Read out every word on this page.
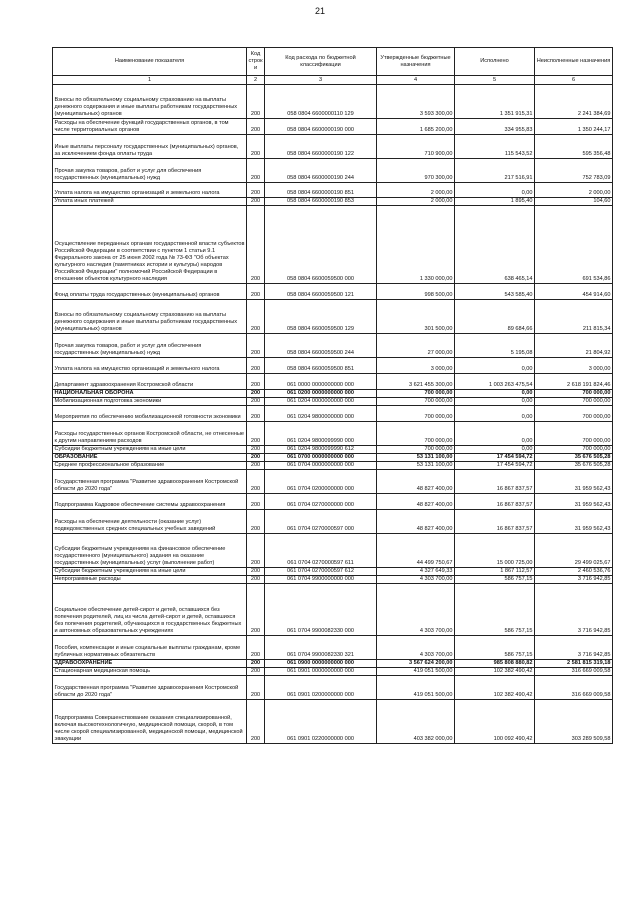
21
Наименование показателя	Код строк и	Код расхода по бюджетной классификации	Утвержденные бюджетные назначения	Исполнено	Неисполненные назначения
1	2	3	4	5	6
Взносы по обязательному социальному страхованию на выплаты денежного содержания и иные выплаты работникам государственных (муниципальных) органов	200	058 0804 6600000110 129	3 593 300,00	1 351 915,31	2 241 384,69
Расходы на обеспечение функций государственных органов, в том числе территориальных органов	200	058 0804 6600000190 000	1 685 200,00	334 955,83	1 350 244,17
Иные выплаты персоналу государственных (муниципальных) органов, за исключением фонда оплаты труда	200	058 0804 6600000190 122	710 900,00	115 543,52	595 356,48
Прочая закупка товаров, работ и услуг для обеспечения государственных (муниципальных) нужд	200	058 0804 6600000190 244	970 300,00	217 516,91	752 783,09
Уплата налога на имущество организаций и земельного налога	200	058 0804 6600000190 851	2 000,00	0,00	2 000,00
Уплата иных платежей	200	058 0804 6600000190 853	2 000,00	1 895,40	104,60
Осуществление переданных органам государственной власти субъектов Российской Федерации в соответствии с пунктом 1 статьи 9.1 Федерального закона от 25 июня 2002 года № 73-ФЗ "Об объектах культурного наследия (памятниках истории и культуры) народов Российской Федерации" полномочий Российской Федерации в отношении объектов культурного наследия	200	058 0804 6600059500 000	1 330 000,00	638 465,14	691 534,86
Фонд оплаты труда государственных (муниципальных) органов	200	058 0804 6600059500 121	998 500,00	543 585,40	454 914,60
Взносы по обязательному социальному страхованию на выплаты денежного содержания и иные выплаты работникам государственных (муниципальных) органов	200	058 0804 6600059500 129	301 500,00	89 684,66	211 815,34
Прочая закупка товаров, работ и услуг для обеспечения государственных (муниципальных) нужд	200	058 0804 6600059500 244	27 000,00	5 195,08	21 804,92
Уплата налога на имущество организаций и земельного налога	200	058 0804 6600059500 851	3 000,00	0,00	3 000,00
Департамент здравоохранения Костромской области	200	061 0000 0000000000 000	3 621 455 300,00	1 003 263 475,54	2 618 191 824,46
НАЦИОНАЛЬНАЯ ОБОРОНА	200	061 0200 0000000000 000	700 000,00	0,00	700 000,00
Мобилизационная подготовка экономики	200	061 0204 0000000000 000	700 000,00	0,00	700 000,00
Мероприятия по обеспечению мобилизационной готовности экономики	200	061 0204 9800000000 000	700 000,00	0,00	700 000,00
Расходы государственных органов Костромской области, не отнесенные к другим направлениям расходов	200	061 0204 9800099990 000	700 000,00	0,00	700 000,00
Субсидии бюджетным учреждениям на иные цели	200	061 0204 9800099990 612	700 000,00	0,00	700 000,00
ОБРАЗОВАНИЕ	200	061 0700 0000000000 000	53 131 100,00	17 454 594,72	35 676 505,28
Среднее профессиональное образование	200	061 0704 0000000000 000	53 131 100,00	17 454 594,72	35 676 505,28
Государственная программа "Развитие здравоохранения Костромской области до 2020 года"	200	061 0704 0200000000 000	48 827 400,00	16 867 837,57	31 959 562,43
Подпрограмма Кадровое обеспечение системы здравоохранения	200	061 0704 0270000000 000	48 827 400,00	16 867 837,57	31 959 562,43
Расходы на обеспечение деятельности (оказание услуг) подведомственных средних специальных учебных заведений	200	061 0704 0270000597 000	48 827 400,00	16 867 837,57	31 959 562,43
Субсидии бюджетным учреждениям на финансовое обеспечение государственного (муниципального) задания на оказание государственных (муниципальных) услуг (выполнение работ)	200	061 0704 0270000597 611	44 499 750,67	15 000 725,00	29 499 025,67
Субсидии бюджетным учреждениям на иные цели	200	061 0704 0270000597 612	4 327 649,33	1 867 112,57	2 460 536,76
Непрограммные расходы	200	061 0704 9900000000 000	4 303 700,00	586 757,15	3 716 942,85
Социальное обеспечение детей-сирот и детей, оставшихся без попечения родителей, лиц из числа детей-сирот и детей, оставшихся без попечения родителей, обучающихся в государственных бюджетных и автономных образовательных учреждениях	200	061 0704 9900082330 000	4 303 700,00	586 757,15	3 716 942,85
Пособия, компенсации и иные социальные выплаты гражданам, кроме публичных нормативных обязательств	200	061 0704 9900082330 321	4 303 700,00	586 757,15	3 716 942,85
ЗДРАВООХРАНЕНИЕ	200	061 0900 0000000000 000	3 567 624 200,00	985 808 880,82	2 581 815 319,18
Стационарная медицинская помощь	200	061 0901 0000000000 000	419 051 500,00	102 382 490,42	316 669 009,58
Государственная программа "Развитие здравоохранения Костромской области до 2020 года"	200	061 0901 0200000000 000	419 051 500,00	102 382 490,42	316 669 009,58
Подпрограмма Совершенствование оказания специализированной, включая высокотехнологичную, медицинской помощи, скорой, в том числе скорой специализированной, медицинской помощи, медицинской эвакуации	200	061 0901 0220000000 000	403 382 000,00	100 092 490,42	303 289 509,58
